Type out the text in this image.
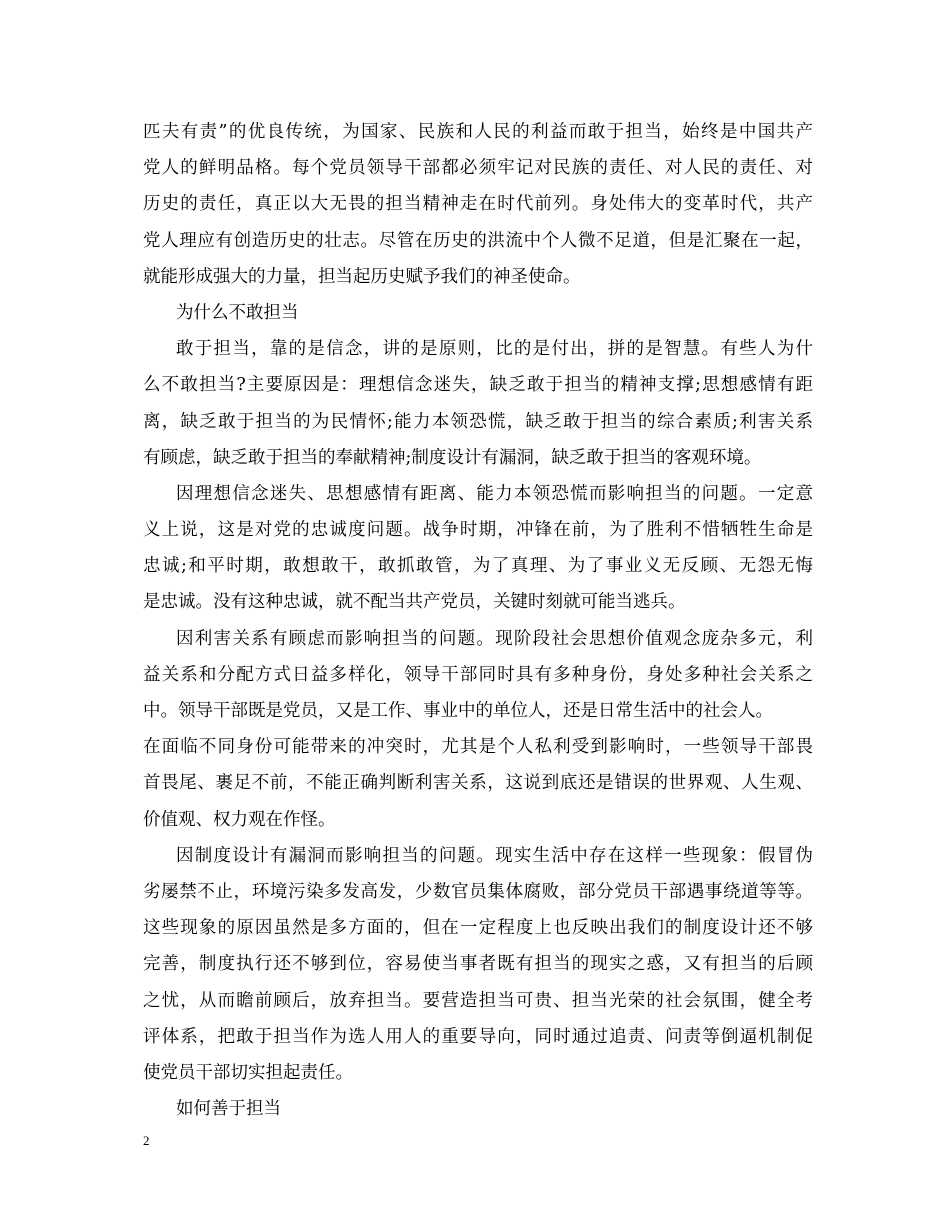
匹夫有责”的优良传统，为国家、民族和人民的利益而敢于担当，始终是中国共产
党人的鲜明品格。每个党员领导干部都必须牢记对民族的责任、对人民的责任、对
历史的责任，真正以大无畏的担当精神走在时代前列。身处伟大的变革时代，共产
党人理应有创造历史的壮志。尽管在历史的洪流中个人微不足道，但是汇聚在一起，
就能形成强大的力量，担当起历史赋予我们的神圣使命。
为什么不敢担当
敢于担当，靠的是信念，讲的是原则，比的是付出，拼的是智慧。有些人为什
么不敢担当?主要原因是：理想信念迷失，缺乏敢于担当的精神支撑;思想感情有距
离，缺乏敢于担当的为民情怀;能力本领恐慌，缺乏敢于担当的综合素质;利害关系
有顾虑，缺乏敢于担当的奉献精神;制度设计有漏洞，缺乏敢于担当的客观环境。
因理想信念迷失、思想感情有距离、能力本领恐慌而影响担当的问题。一定意
义上说，这是对党的忠诚度问题。战争时期，冲锋在前，为了胜利不惜牺牲生命是
忠诚;和平时期，敢想敢干，敢抓敢管，为了真理、为了事业义无反顾、无怨无悔
是忠诚。没有这种忠诚，就不配当共产党员，关键时刻就可能当逃兵。
因利害关系有顾虑而影响担当的问题。现阶段社会思想价值观念庞杂多元，利
益关系和分配方式日益多样化，领导干部同时具有多种身份，身处多种社会关系之
中。领导干部既是党员，又是工作、事业中的单位人，还是日常生活中的社会人。
在面临不同身份可能带来的冲突时，尤其是个人私利受到影响时，一些领导干部畏
首畏尾、裹足不前，不能正确判断利害关系，这说到底还是错误的世界观、人生观、
价值观、权力观在作怪。
因制度设计有漏洞而影响担当的问题。现实生活中存在这样一些现象：假冒伪
劣屡禁不止，环境污染多发高发，少数官员集体腐败，部分党员干部遇事绕道等等。
这些现象的原因虽然是多方面的，但在一定程度上也反映出我们的制度设计还不够
完善，制度执行还不够到位，容易使当事者既有担当的现实之惑，又有担当的后顾
之忧，从而瞻前顾后，放弃担当。要营造担当可贵、担当光荣的社会氛围，健全考
评体系，把敢于担当作为选人用人的重要导向，同时通过追责、问责等倒逼机制促
使党员干部切实担起责任。
如何善于担当
2
